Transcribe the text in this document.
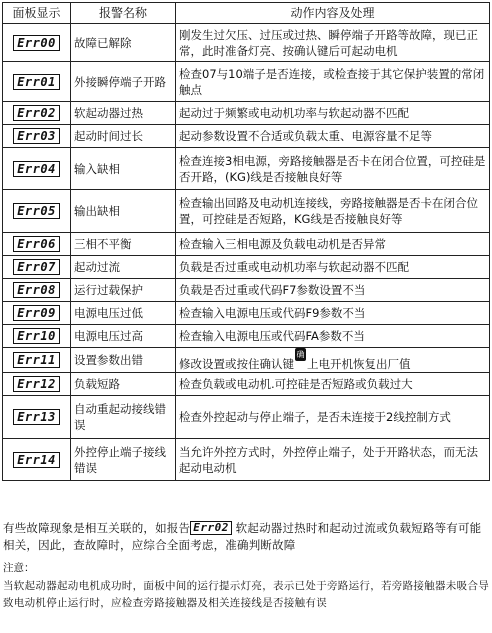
面板显示	报警名称	动作内容及处理
Err00	故障已解除	刚发生过欠压、过压或过热、瞬停端子开路等故障，现已正常，此时准备灯亮、按确认键后可起动电机
Err01	外接瞬停端子开路	检查07与10端子是否连接，或检查接于其它保护装置的常闭触点
Err02	软起动器过热	起动过于频繁或电动机功率与软起动器不匹配
Err03	起动时间过长	起动参数设置不合适或负载太重、电源容量不足等
Err04	输入缺相	检查连接3相电源，旁路接触器是否卡在闭合位置，可控硅是否开路，(KG)线是否接触良好等
Err05	输出缺相	检查输出回路及电动机连接线，旁路接触器是否卡在闭合位置，可控硅是否短路，KG线是否接触良好等
Err06	三相不平衡	检查输入三相电源及负载电动机是否异常
Err07	起动过流	负载是否过重或电动机功率与软起动器不匹配
Err08	运行过载保护	负载是否过重或代码F7参数设置不当
Err09	电源电压过低	检查输入电源电压或代码F9参数不当
Err10	电源电压过高	检查输入电源电压或代码FA参数不当
Err11	设置参数出错	修改设置或按住确认键确认 上电开机恢复出厂值
Err12	负载短路	检查负载或电动机.可控硅是否短路或负载过大
Err13	自动重起动接线错误	检查外控起动与停止端子，是否未连接于2线控制方式
Err14	外控停止端子接线错误	当允许外控方式时，外控停止端子，处于开路状态，而无法起动电动机
有些故障现象是相互关联的，如报告 Err02 软起动器过热时和起动过流或负载短路等有可能相关，因此，查故障时，应综合全面考虑，准确判断故障
注意：
当软起动器起动电机成功时，面板中间的运行提示灯亮，表示已处于旁路运行，若旁路接触器未吸合导致电动机停止运行时，应检查旁路接触器及相关连接线是否接触有误
